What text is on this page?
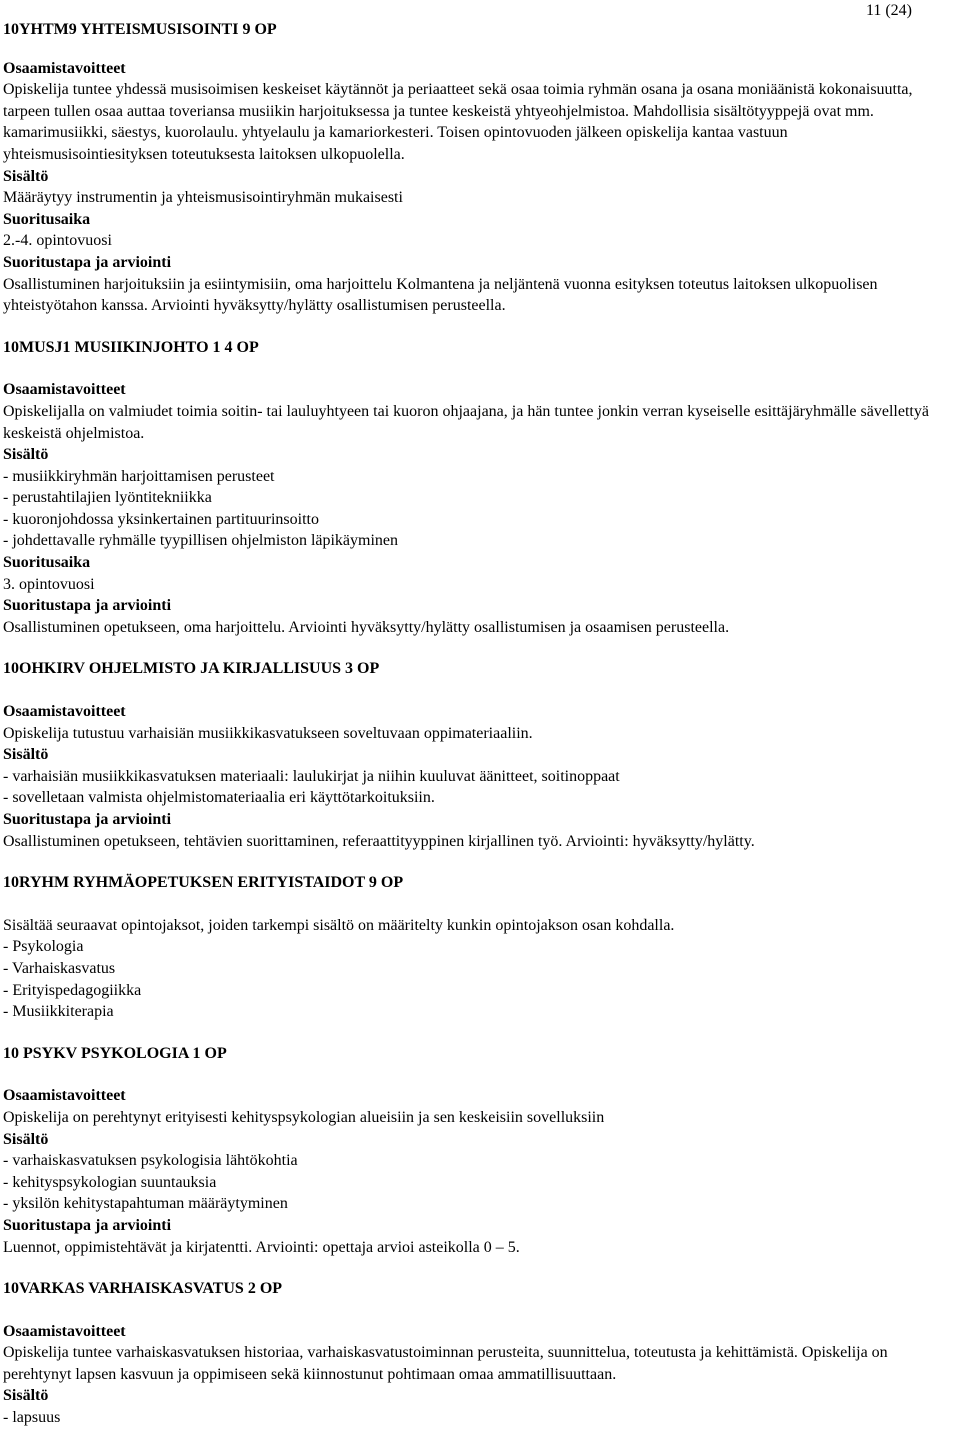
11 (24)
10YHTM9 YHTEISMUSISOINTI 9 OP
Osaamistavoitteet
Opiskelija tuntee yhdessä musisoimisen keskeiset käytännöt ja periaatteet sekä osaa toimia ryhmän osana ja osana moniäänistä kokonaisuutta, tarpeen tullen osaa auttaa toveriansa musiikin harjoituksessa ja tuntee keskeistä yhtyeohjelmistoa. Mahdollisia sisältötyyppejä ovat mm. kamarimusiikki, säestys, kuorolaulu. yhtyelaulu ja kamariorkesteri. Toisen opintovuoden jälkeen opiskelija kantaa vastuun yhteismusisointiesityksen toteutuksesta laitoksen ulkopuolella.
Sisältö
Määräytyy instrumentin ja yhteismusisointiryhmän mukaisesti
Suoritusaika
2.-4. opintovuosi
Suoritustapa ja arviointi
Osallistuminen harjoituksiin ja esiintymisiin, oma harjoittelu Kolmantena ja neljäntenä vuonna esityksen toteutus laitoksen ulkopuolisen yhteistyötahon kanssa. Arviointi hyväksytty/hylätty osallistumisen perusteella.
10MUSJ1 MUSIIKINJOHTO 1 4 OP
Osaamistavoitteet
Opiskelijalla on valmiudet toimia soitin- tai lauluyhtyeen tai kuoron ohjaajana, ja hän tuntee jonkin verran kyseiselle esittäjäryhmälle sävellettyä keskeistä ohjelmistoa.
Sisältö
- musiikkiryhmän harjoittamisen perusteet
- perustahtilajien lyöntitekniikka
- kuoronjohdossa yksinkertainen partituurinsoitto
- johdettavalle ryhmälle tyypillisen ohjelmiston läpikäyminen
Suoritusaika
3. opintovuosi
Suoritustapa ja arviointi
Osallistuminen opetukseen, oma harjoittelu. Arviointi hyväksytty/hylätty osallistumisen ja osaamisen perusteella.
10OHKIRV OHJELMISTO JA KIRJALLISUUS 3 OP
Osaamistavoitteet
Opiskelija tutustuu varhaisiän musiikkikasvatukseen soveltuvaan oppimateriaaliin.
Sisältö
- varhaisiän musiikkikasvatuksen materiaali: laulukirjat ja niihin kuuluvat äänitteet, soitinoppaat
- sovelletaan valmista ohjelmistomateriaalia eri käyttötarkoituksiin.
Suoritustapa ja arviointi
Osallistuminen opetukseen, tehtävien suorittaminen, referaattityyppinen kirjallinen työ. Arviointi: hyväksytty/hylätty.
10RYHM RYHMÄOPETUKSEN ERITYISTAIDOT 9 OP
Sisältää seuraavat opintojaksot, joiden tarkempi sisältö on määritelty kunkin opintojakson osan kohdalla.
- Psykologia
- Varhaiskasvatus
- Erityispedagogiikka
- Musiikkiterapia
10 PSYKV PSYKOLOGIA 1 OP
Osaamistavoitteet
Opiskelija on perehtynyt erityisesti kehityspsykologian alueisiin ja sen keskeisiin sovelluksiin
Sisältö
- varhaiskasvatuksen psykologisia lähtökohtia
- kehityspsykologian suuntauksia
- yksilön kehitystapahtuman määräytyminen
Suoritustapa ja arviointi
Luennot, oppimistehtävät ja kirjatentti. Arviointi: opettaja arvioi asteikolla 0 – 5.
10VARKAS VARHAISKASVATUS 2 OP
Osaamistavoitteet
Opiskelija tuntee varhaiskasvatuksen historiaa, varhaiskasvatustoiminnan perusteita, suunnittelua, toteutusta ja kehittämistä. Opiskelija on perehtynyt lapsen kasvuun ja oppimiseen sekä kiinnostunut pohtimaan omaa ammatillisuuttaan.
Sisältö
- lapsuus
